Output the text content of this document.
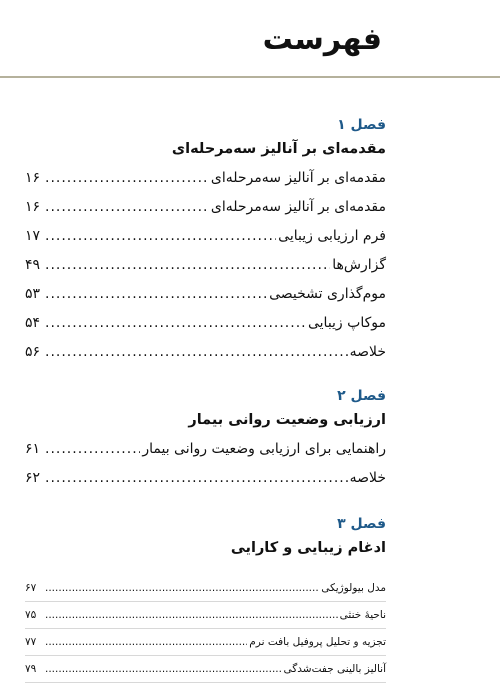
فهرست
فصل ۱
مقدمه‌ای بر آنالیز سه‌مرحله‌ای
مقدمه‌ای بر آنالیز سه‌مرحله‌ای
.....
۱۶
مقدمه‌ای بر آنالیز سه‌مرحله‌ای
.....
۱۶
فرم ارزیابی زیبایی
.....
۱۷
گزارش‌ها
.....
۴۹
موم‌گذاری تشخیصی
.....
۵۳
موکاپ زیبایی
.....
۵۴
خلاصه
.....
۵۶
فصل ۲
ارزیابی وضعیت روانی بیمار
راهنمایی برای ارزیابی وضعیت روانی بیمار
.....
۶۱
خلاصه
.....
۶۲
فصل ۳
ادغام زیبایی و کارایی
مدل بیولوژیکی
.....
۶۷
ناحیهٔ خنثی
.....
۷۵
تجزیه و تحلیل پروفیل بافت نرم
.....
۷۷
آنالیز بالینی جفت‌شدگی
.....
۷۹
